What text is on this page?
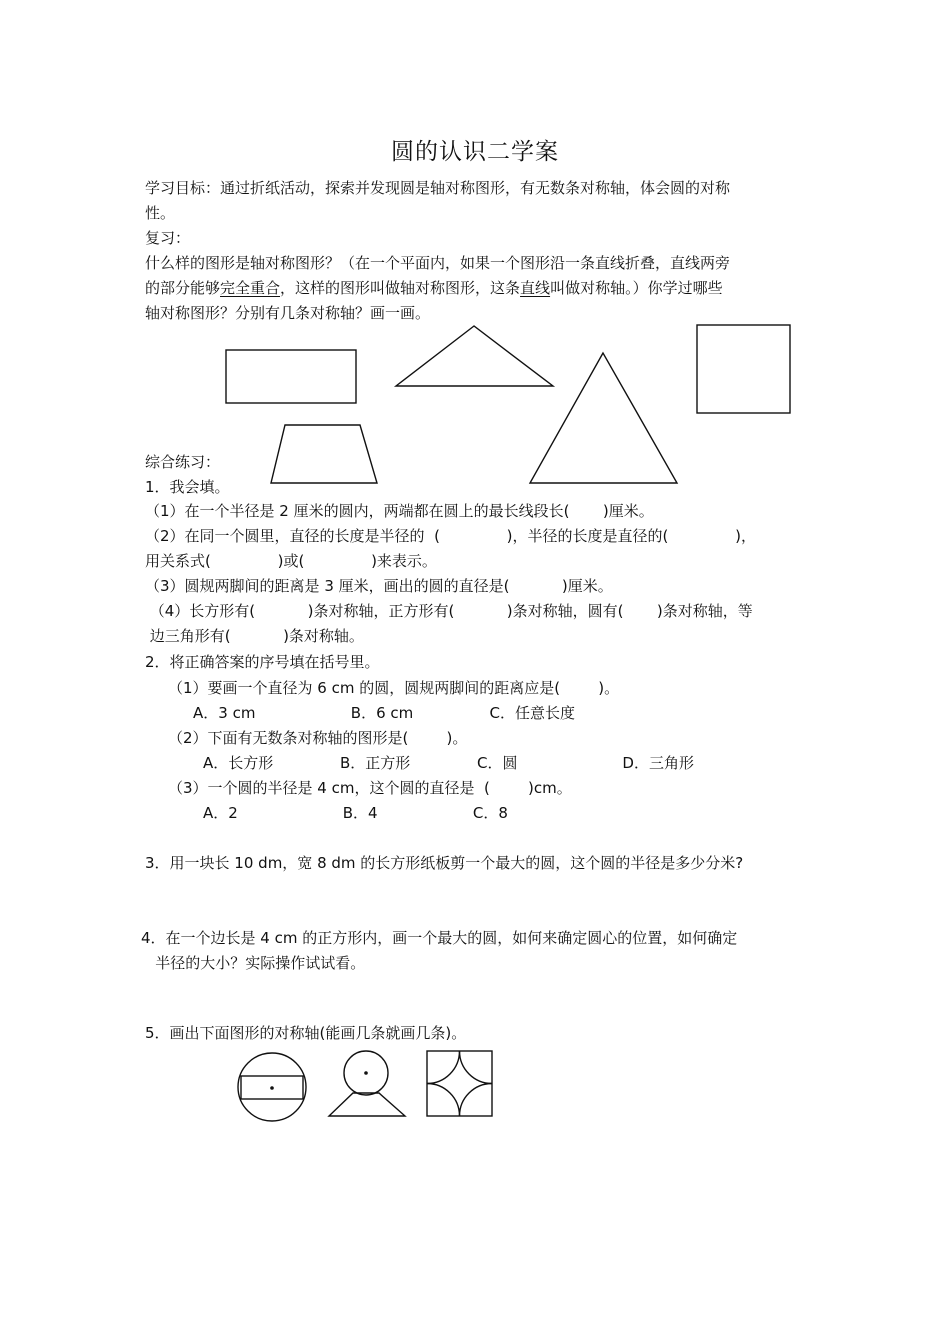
圆的认识二学案
学习目标：通过折纸活动，探索并发现圆是轴对称图形，有无数条对称轴，体会圆的对称
性。
复习：
什么样的图形是轴对称图形？（在一个平面内，如果一个图形沿一条直线折叠，直线两旁
的部分能够完全重合，这样的图形叫做轴对称图形，这条直线叫做对称轴。）你学过哪些
轴对称图形？分别有几条对称轴？画一画。
综合练习：
1．我会填。
（1）在一个半径是 2 厘米的圆内，两端都在圆上的最长线段长(       )厘米。
（2）在同一个圆里，直径的长度是半径的  (              )，半径的长度是直径的(              )，
用关系式(              )或(              )来表示。
（3）圆规两脚间的距离是 3 厘米，画出的圆的直径是(           )厘米。
（4）长方形有(           )条对称轴，正方形有(           )条对称轴，圆有(       )条对称轴，等
边三角形有(           )条对称轴。
2．将正确答案的序号填在括号里。
（1）要画一个直径为 6 cm 的圆，圆规两脚间的距离应是(        )。
A．3 cm                    B．6 cm                C．任意长度
（2）下面有无数条对称轴的图形是(        )。
A．长方形              B．正方形              C．圆                      D．三角形
（3）一个圆的半径是 4 cm，这个圆的直径是  (        )cm。
A．2                      B．4                    C．8
3．用一块长 10 dm，宽 8 dm 的长方形纸板剪一个最大的圆，这个圆的半径是多少分米?
4．在一个边长是 4 cm 的正方形内，画一个最大的圆，如何来确定圆心的位置，如何确定
半径的大小？实际操作试试看。
5．画出下面图形的对称轴(能画几条就画几条)。
